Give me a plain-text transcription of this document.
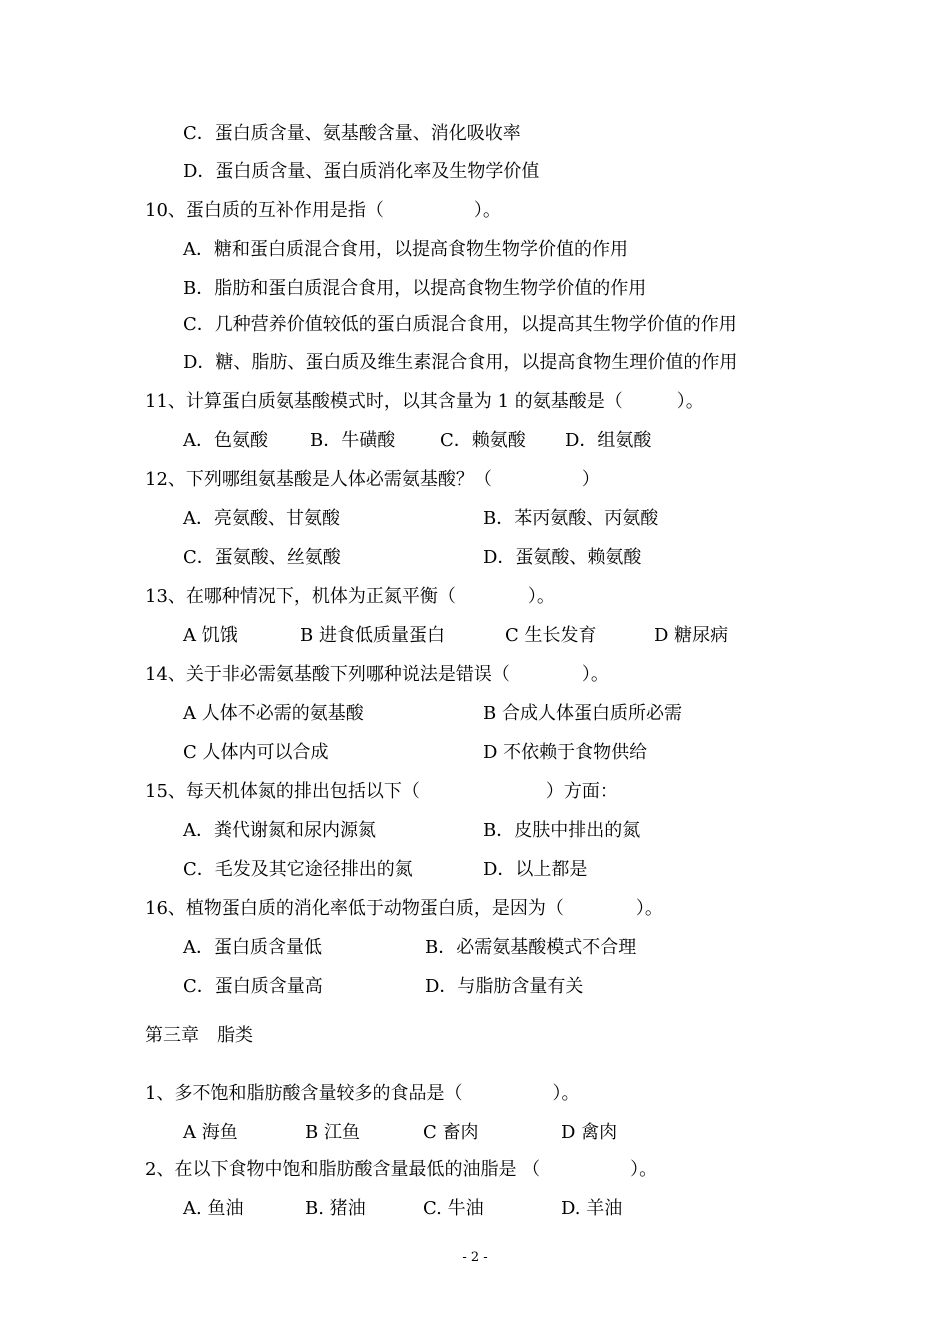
C．蛋白质含量、氨基酸含量、消化吸收率
D．蛋白质含量、蛋白质消化率及生物学价值
10、蛋白质的互补作用是指（　　　　　）。
A．糖和蛋白质混合食用，以提高食物生物学价值的作用
B．脂肪和蛋白质混合食用，以提高食物生物学价值的作用
C．几种营养价值较低的蛋白质混合食用，以提高其生物学价值的作用
D．糖、脂肪、蛋白质及维生素混合食用，以提高食物生理价值的作用
11、计算蛋白质氨基酸模式时，以其含量为 1 的氨基酸是（　　　）。
A．色氨酸 B．牛磺酸 C．赖氨酸 D．组氨酸
12、下列哪组氨基酸是人体必需氨基酸？（　　　　　）
A．亮氨酸、甘氨酸	B．苯丙氨酸、丙氨酸
C．蛋氨酸、丝氨酸	D．蛋氨酸、赖氨酸
13、在哪种情况下，机体为正氮平衡（　　　　）。
A 饥饿	B 进食低质量蛋白	C 生长发育	D 糖尿病
14、关于非必需氨基酸下列哪种说法是错误（　　　　）。
A 人体不必需的氨基酸	B 合成人体蛋白质所必需
C 人体内可以合成	D 不依赖于食物供给
15、每天机体氮的排出包括以下（　　　　　　　）方面：
A．粪代谢氮和尿内源氮	B．皮肤中排出的氮
C．毛发及其它途径排出的氮	D．以上都是
16、植物蛋白质的消化率低于动物蛋白质，是因为（　　　　）。
A．蛋白质含量低	B．必需氨基酸模式不合理
C．蛋白质含量高	D．与脂肪含量有关
第三章　脂类
1、多不饱和脂肪酸含量较多的食品是（　　　　　）。
A 海鱼	B 江鱼	C 畜肉	D 禽肉
2、在以下食物中饱和脂肪酸含量最低的油脂是 （　　　　　）。
A. 鱼油	B. 猪油	C. 牛油	D. 羊油
- 2 -
